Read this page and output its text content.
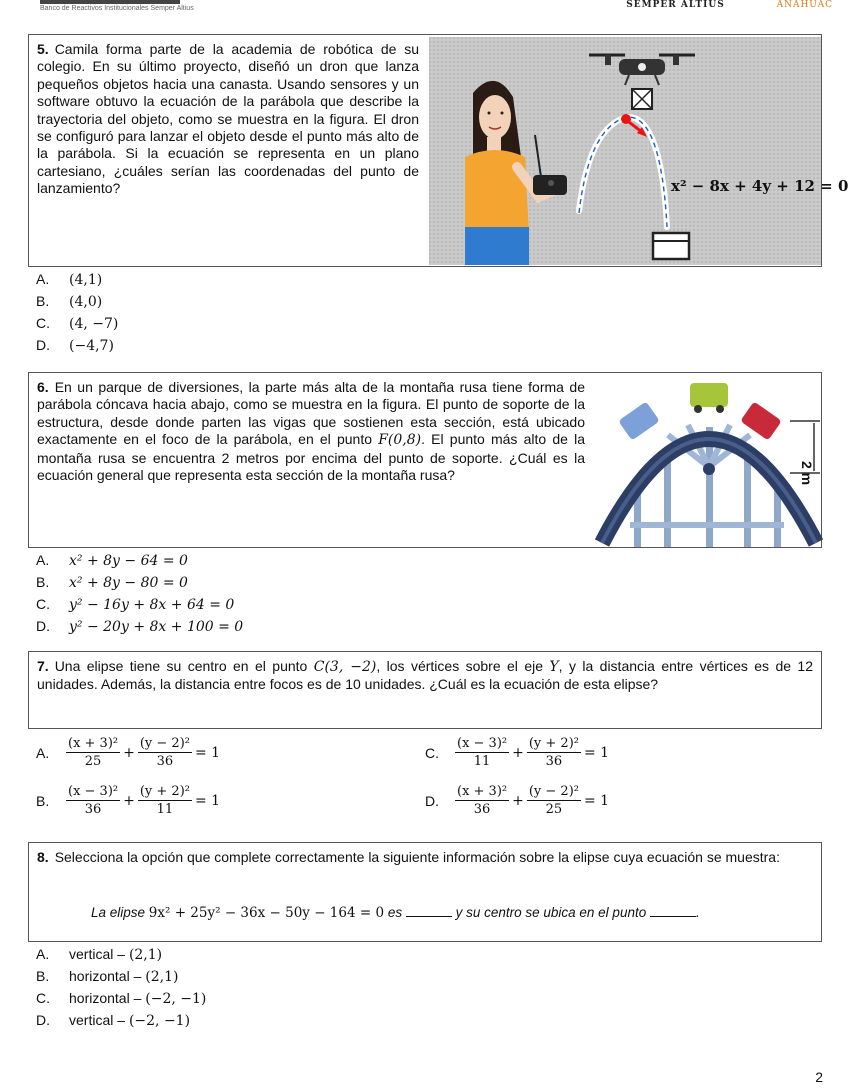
Banco de Reactivos Institucionales Semper Altius	SEMPER ALTIUS	ANAHUAC
5. Camila forma parte de la academia de robótica de su colegio. En su último proyecto, diseñó un dron que lanza pequeños objetos hacia una canasta. Usando sensores y un software obtuvo la ecuación de la parábola que describe la trayectoria del objeto, como se muestra en la figura. El dron se configuró para lanzar el objeto desde el punto más alto de la parábola. Si la ecuación se representa en un plano cartesiano, ¿cuáles serían las coordenadas del punto de lanzamiento?	x² − 8x + 4y + 12 = 0
A. (4,1)
B. (4,0)
C. (4, −7)
D. (−4,7)
6. En un parque de diversiones, la parte más alta de la montaña rusa tiene forma de parábola cóncava hacia abajo, como se muestra en la figura. El punto de soporte de la estructura, desde donde parten las vigas que sostienen esta sección, está ubicado exactamente en el foco de la parábola, en el punto F(0,8). El punto más alto de la montaña rusa se encuentra 2 metros por encima del punto de soporte. ¿Cuál es la ecuación general que representa esta sección de la montaña rusa?	2 m
A. x² + 8y − 64 = 0
B. x² + 8y − 80 = 0
C. y² − 16y + 8x + 64 = 0
D. y² − 20y + 8x + 100 = 0
7. Una elipse tiene su centro en el punto C(3, −2), los vértices sobre el eje Y, y la distancia entre vértices es de 12 unidades. Además, la distancia entre focos es de 10 unidades. ¿Cuál es la ecuación de esta elipse?
A.	$\frac{\text{(x + 3)²}}{25} + \frac{\text{(y − 2)²}}{36} = 1$	C.	$\frac{\text{(x − 3)²}}{11} + \frac{\text{(y + 2)²}}{36} = 1$
B.	$\frac{\text{(x − 3)²}}{36} + \frac{\text{(y + 2)²}}{11} = 1$	D.	$\frac{\text{(x + 3)²}}{36} + \frac{\text{(y − 2)²}}{25} = 1$
8. Selecciona la opción que complete correctamente la siguiente información sobre la elipse cuya ecuación se muestra:
La elipse 9x² + 25y² − 36x − 50y − 164 = 0 es	y su centro se ubica en el punto	.
A. vertical – (2,1)
B. horizontal – (2,1)
C. horizontal – (−2, −1)
D. vertical – (−2, −1)
2
